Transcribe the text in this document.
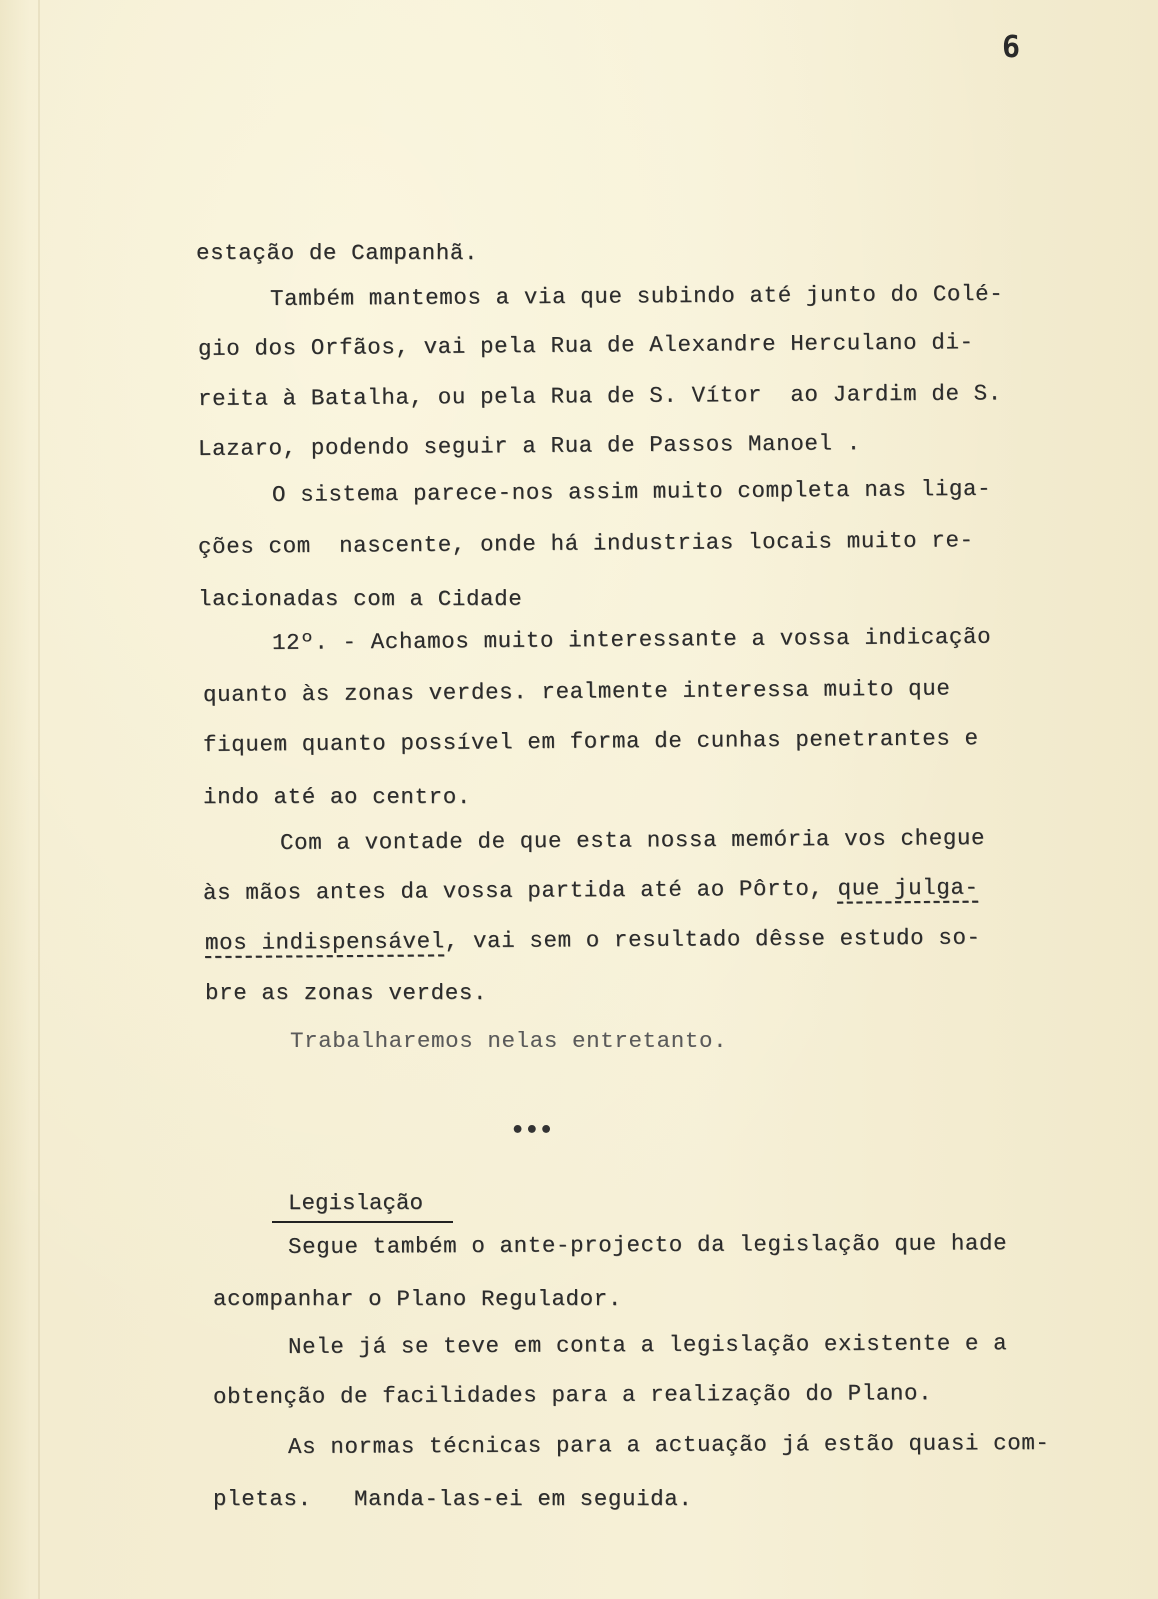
6
estação de Campanhã.
Também mantemos a via que subindo até junto do Colé-
gio dos Orfãos, vai pela Rua de Alexandre Herculano di-
reita à Batalha, ou pela Rua de S. Vítor  ao Jardim de S.
Lazaro, podendo seguir a Rua de Passos Manoel .
O sistema parece-nos assim muito completa nas liga-
ções com  nascente, onde há industrias locais muito re-
lacionadas com a Cidade
12º. - Achamos muito interessante a vossa indicação
quanto às zonas verdes. realmente interessa muito que
fiquem quanto possível em forma de cunhas penetrantes e
indo até ao centro.
Com a vontade de que esta nossa memória vos chegue
às mãos antes da vossa partida até ao Pôrto, que julga-
mos indispensável, vai sem o resultado dêsse estudo so-
bre as zonas verdes.
Trabalharemos nelas entretanto.
•••
Legislação
Segue também o ante-projecto da legislação que hade
acompanhar o Plano Regulador.
Nele já se teve em conta a legislação existente e a
obtenção de facilidades para a realização do Plano.
As normas técnicas para a actuação já estão quasi com-
pletas.   Manda-las-ei em seguida.
